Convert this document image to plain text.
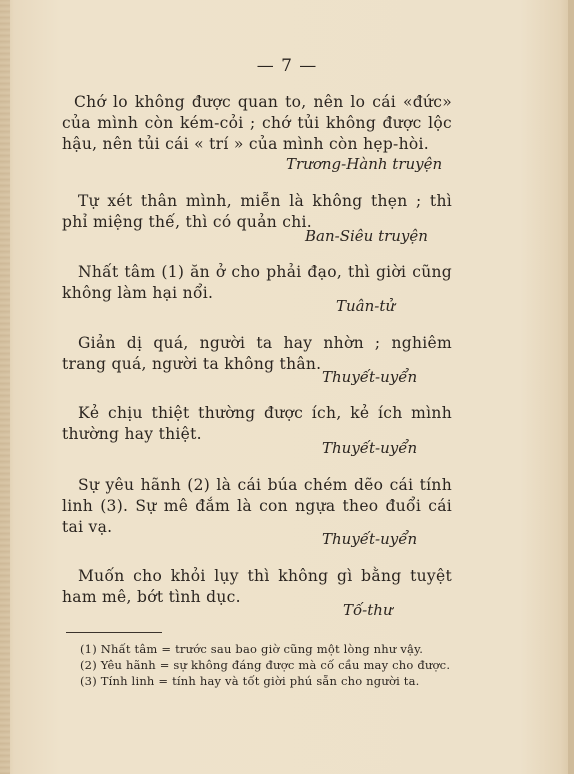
— 7 —
Chớ lo không được quan to, nên lo cái «đức» của mình còn kém-cỏi ; chớ tủi không được lộc hậu, nên tủi cái « trí » của mình còn hẹp-hòi.
Trương-Hành truyện
Tự xét thân mình, miễn là không thẹn ; thì phỉ miệng thế, thì có quản chi.
Ban-Siêu truyện
Nhất tâm (1) ăn ở cho phải đạo, thì giời cũng không làm hại nổi.
Tuân-tử
Giản dị quá, người ta hay nhờn ; nghiêm trang quá, người ta không thân.
Thuyết-uyển
Kẻ chịu thiệt thường được ích, kẻ ích mình thường hay thiệt.
Thuyết-uyển
Sự yêu hãnh (2) là cái búa chém dẽo cái tính linh (3). Sự mê đắm là con ngựa theo đuổi cái tai vạ.
Thuyết-uyển
Muốn cho khỏi lụy thì không gì bằng tuyệt ham mê, bớt tình dục.
Tố-thư
(1) Nhất tâm = trước sau bao giờ cũng một lòng như vậy.
(2) Yêu hãnh = sự không đáng được mà cố cầu may cho được.
(3) Tính linh = tính hay và tốt giời phú sẵn cho người ta.
